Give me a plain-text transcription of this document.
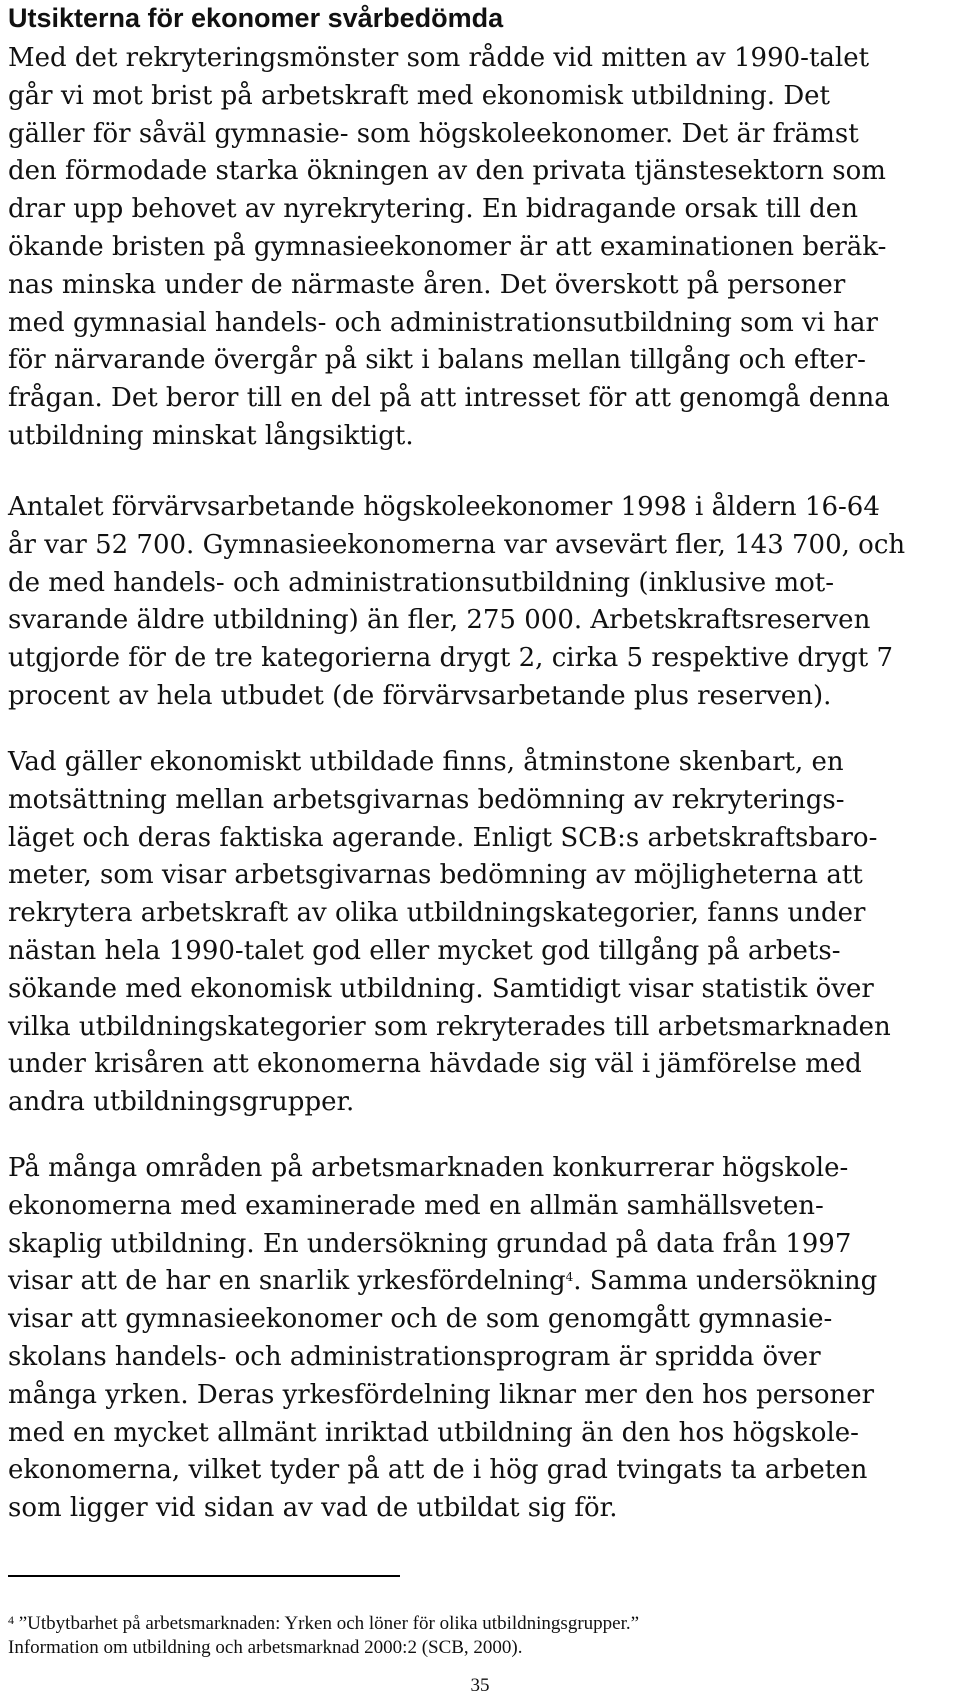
Utsikterna för ekonomer svårbedömda
Med det rekryteringsmönster som rådde vid mitten av 1990-talet
går vi mot brist på arbetskraft med ekonomisk utbildning. Det
gäller för såväl gymnasie- som högskoleekonomer. Det är främst
den förmodade starka ökningen av den privata tjänstesektorn som
drar upp behovet av nyrekrytering. En bidragande orsak till den
ökande bristen på gymnasieekonomer är att examinationen beräk-
nas minska under de närmaste åren. Det överskott på personer
med gymnasial handels- och administrationsutbildning som vi har
för närvarande övergår på sikt i balans mellan tillgång och efter-
frågan. Det beror till en del på att intresset för att genomgå denna
utbildning minskat långsiktigt.
Antalet förvärvsarbetande högskoleekonomer 1998 i åldern 16-64
år var 52 700. Gymnasieekonomerna var avsevärt fler, 143 700, och
de med handels- och administrationsutbildning (inklusive mot-
svarande äldre utbildning) än fler, 275 000. Arbetskraftsreserven
utgjorde för de tre kategorierna drygt 2, cirka 5 respektive drygt 7
procent av hela utbudet (de förvärvsarbetande plus reserven).
Vad gäller ekonomiskt utbildade finns, åtminstone skenbart, en
motsättning mellan arbetsgivarnas bedömning av rekryterings-
läget och deras faktiska agerande. Enligt SCB:s arbetskraftsbaro-
meter, som visar arbetsgivarnas bedömning av möjligheterna att
rekrytera arbetskraft av olika utbildningskategorier, fanns under
nästan hela 1990-talet god eller mycket god tillgång på arbets-
sökande med ekonomisk utbildning. Samtidigt visar statistik över
vilka utbildningskategorier som rekryterades till arbetsmarknaden
under krisåren att ekonomerna hävdade sig väl i jämförelse med
andra utbildningsgrupper.
På många områden på arbetsmarknaden konkurrerar högskole-
ekonomerna med examinerade med en allmän samhällsveten-
skaplig utbildning. En undersökning grundad på data från 1997
visar att de har en snarlik yrkesfördelning$^4$. Samma undersökning
visar att gymnasieekonomer och de som genomgått gymnasie-
skolans handels- och administrationsprogram är spridda över
många yrken. Deras yrkesfördelning liknar mer den hos personer
med en mycket allmänt inriktad utbildning än den hos högskole-
ekonomerna, vilket tyder på att de i hög grad tvingats ta arbeten
som ligger vid sidan av vad de utbildat sig för.
$^4$ ”Utbytbarhet på arbetsmarknaden: Yrken och löner för olika utbildningsgrupper.”
Information om utbildning och arbetsmarknad 2000:2 (SCB, 2000).
35
